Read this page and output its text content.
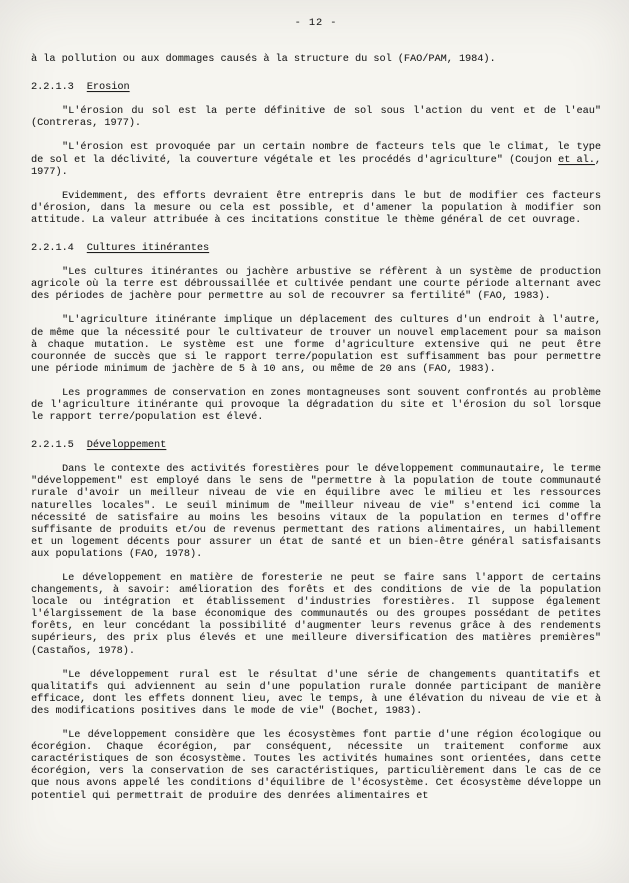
- 12 -

à la pollution ou aux dommages causés à la structure du sol (FAO/PAM, 1984).

2.2.1.3 Erosion

"L'érosion du sol est la perte définitive de sol sous l'action du vent et de l'eau" (Contreras, 1977).

"L'érosion est provoquée par un certain nombre de facteurs tels que le climat, le type de sol et la déclivité, la couverture végétale et les procédés d'agriculture" (Coujon et al., 1977).

Evidemment, des efforts devraient être entrepris dans le but de modifier ces facteurs d'érosion, dans la mesure ou cela est possible, et d'amener la population à modifier son attitude. La valeur attribuée à ces incitations constitue le thème général de cet ouvrage.

2.2.1.4 Cultures itinérantes

"Les cultures itinérantes ou jachère arbustive se réfèrent à un système de production agricole où la terre est débroussaillée et cultivée pendant une courte période alternant avec des périodes de jachère pour permettre au sol de recouvrer sa fertilité" (FAO, 1983).

"L'agriculture itinérante implique un déplacement des cultures d'un endroit à l'autre, de même que la nécessité pour le cultivateur de trouver un nouvel emplacement pour sa maison à chaque mutation. Le système est une forme d'agriculture extensive qui ne peut être couronnée de succès que si le rapport terre/population est suffisamment bas pour permettre une période minimum de jachère de 5 à 10 ans, ou même de 20 ans (FAO, 1983).

Les programmes de conservation en zones montagneuses sont souvent confrontés au problème de l'agriculture itinérante qui provoque la dégradation du site et l'érosion du sol lorsque le rapport terre/population est élevé.

2.2.1.5 Développement

Dans le contexte des activités forestières pour le développement communautaire, le terme "développement" est employé dans le sens de "permettre à la population de toute communauté rurale d'avoir un meilleur niveau de vie en équilibre avec le milieu et les ressources naturelles locales". Le seuil minimum de "meilleur niveau de vie" s'entend ici comme la nécessité de satisfaire au moins les besoins vitaux de la population en termes d'offre suffisante de produits et/ou de revenus permettant des rations alimentaires, un habillement et un logement décents pour assurer un état de santé et un bien-être général satisfaisants aux populations (FAO, 1978).

Le développement en matière de foresterie ne peut se faire sans l'apport de certains changements, à savoir: amélioration des forêts et des conditions de vie de la population locale ou intégration et établissement d'industries forestières. Il suppose également l'élargissement de la base économique des communautés ou des groupes possédant de petites forêts, en leur concédant la possibilité d'augmenter leurs revenus grâce à des rendements supérieurs, des prix plus élevés et une meilleure diversification des matières premières" (Castaños, 1978).

"Le développement rural est le résultat d'une série de changements quantitatifs et qualitatifs qui adviennent au sein d'une population rurale donnée participant de manière efficace, dont les effets donnent lieu, avec le temps, à une élévation du niveau de vie et à des modifications positives dans le mode de vie" (Bochet, 1983).

"Le développement considère que les écosystèmes font partie d'une région écologique ou écorégion. Chaque écorégion, par conséquent, nécessite un traitement conforme aux caractéristiques de son écosystème. Toutes les activités humaines sont orientées, dans cette écorégion, vers la conservation de ses caractéristiques, particulièrement dans le cas de ce que nous avons appelé les conditions d'équilibre de l'écosystème. Cet écosystème développe un potentiel qui permettrait de produire des denrées alimentaires et
